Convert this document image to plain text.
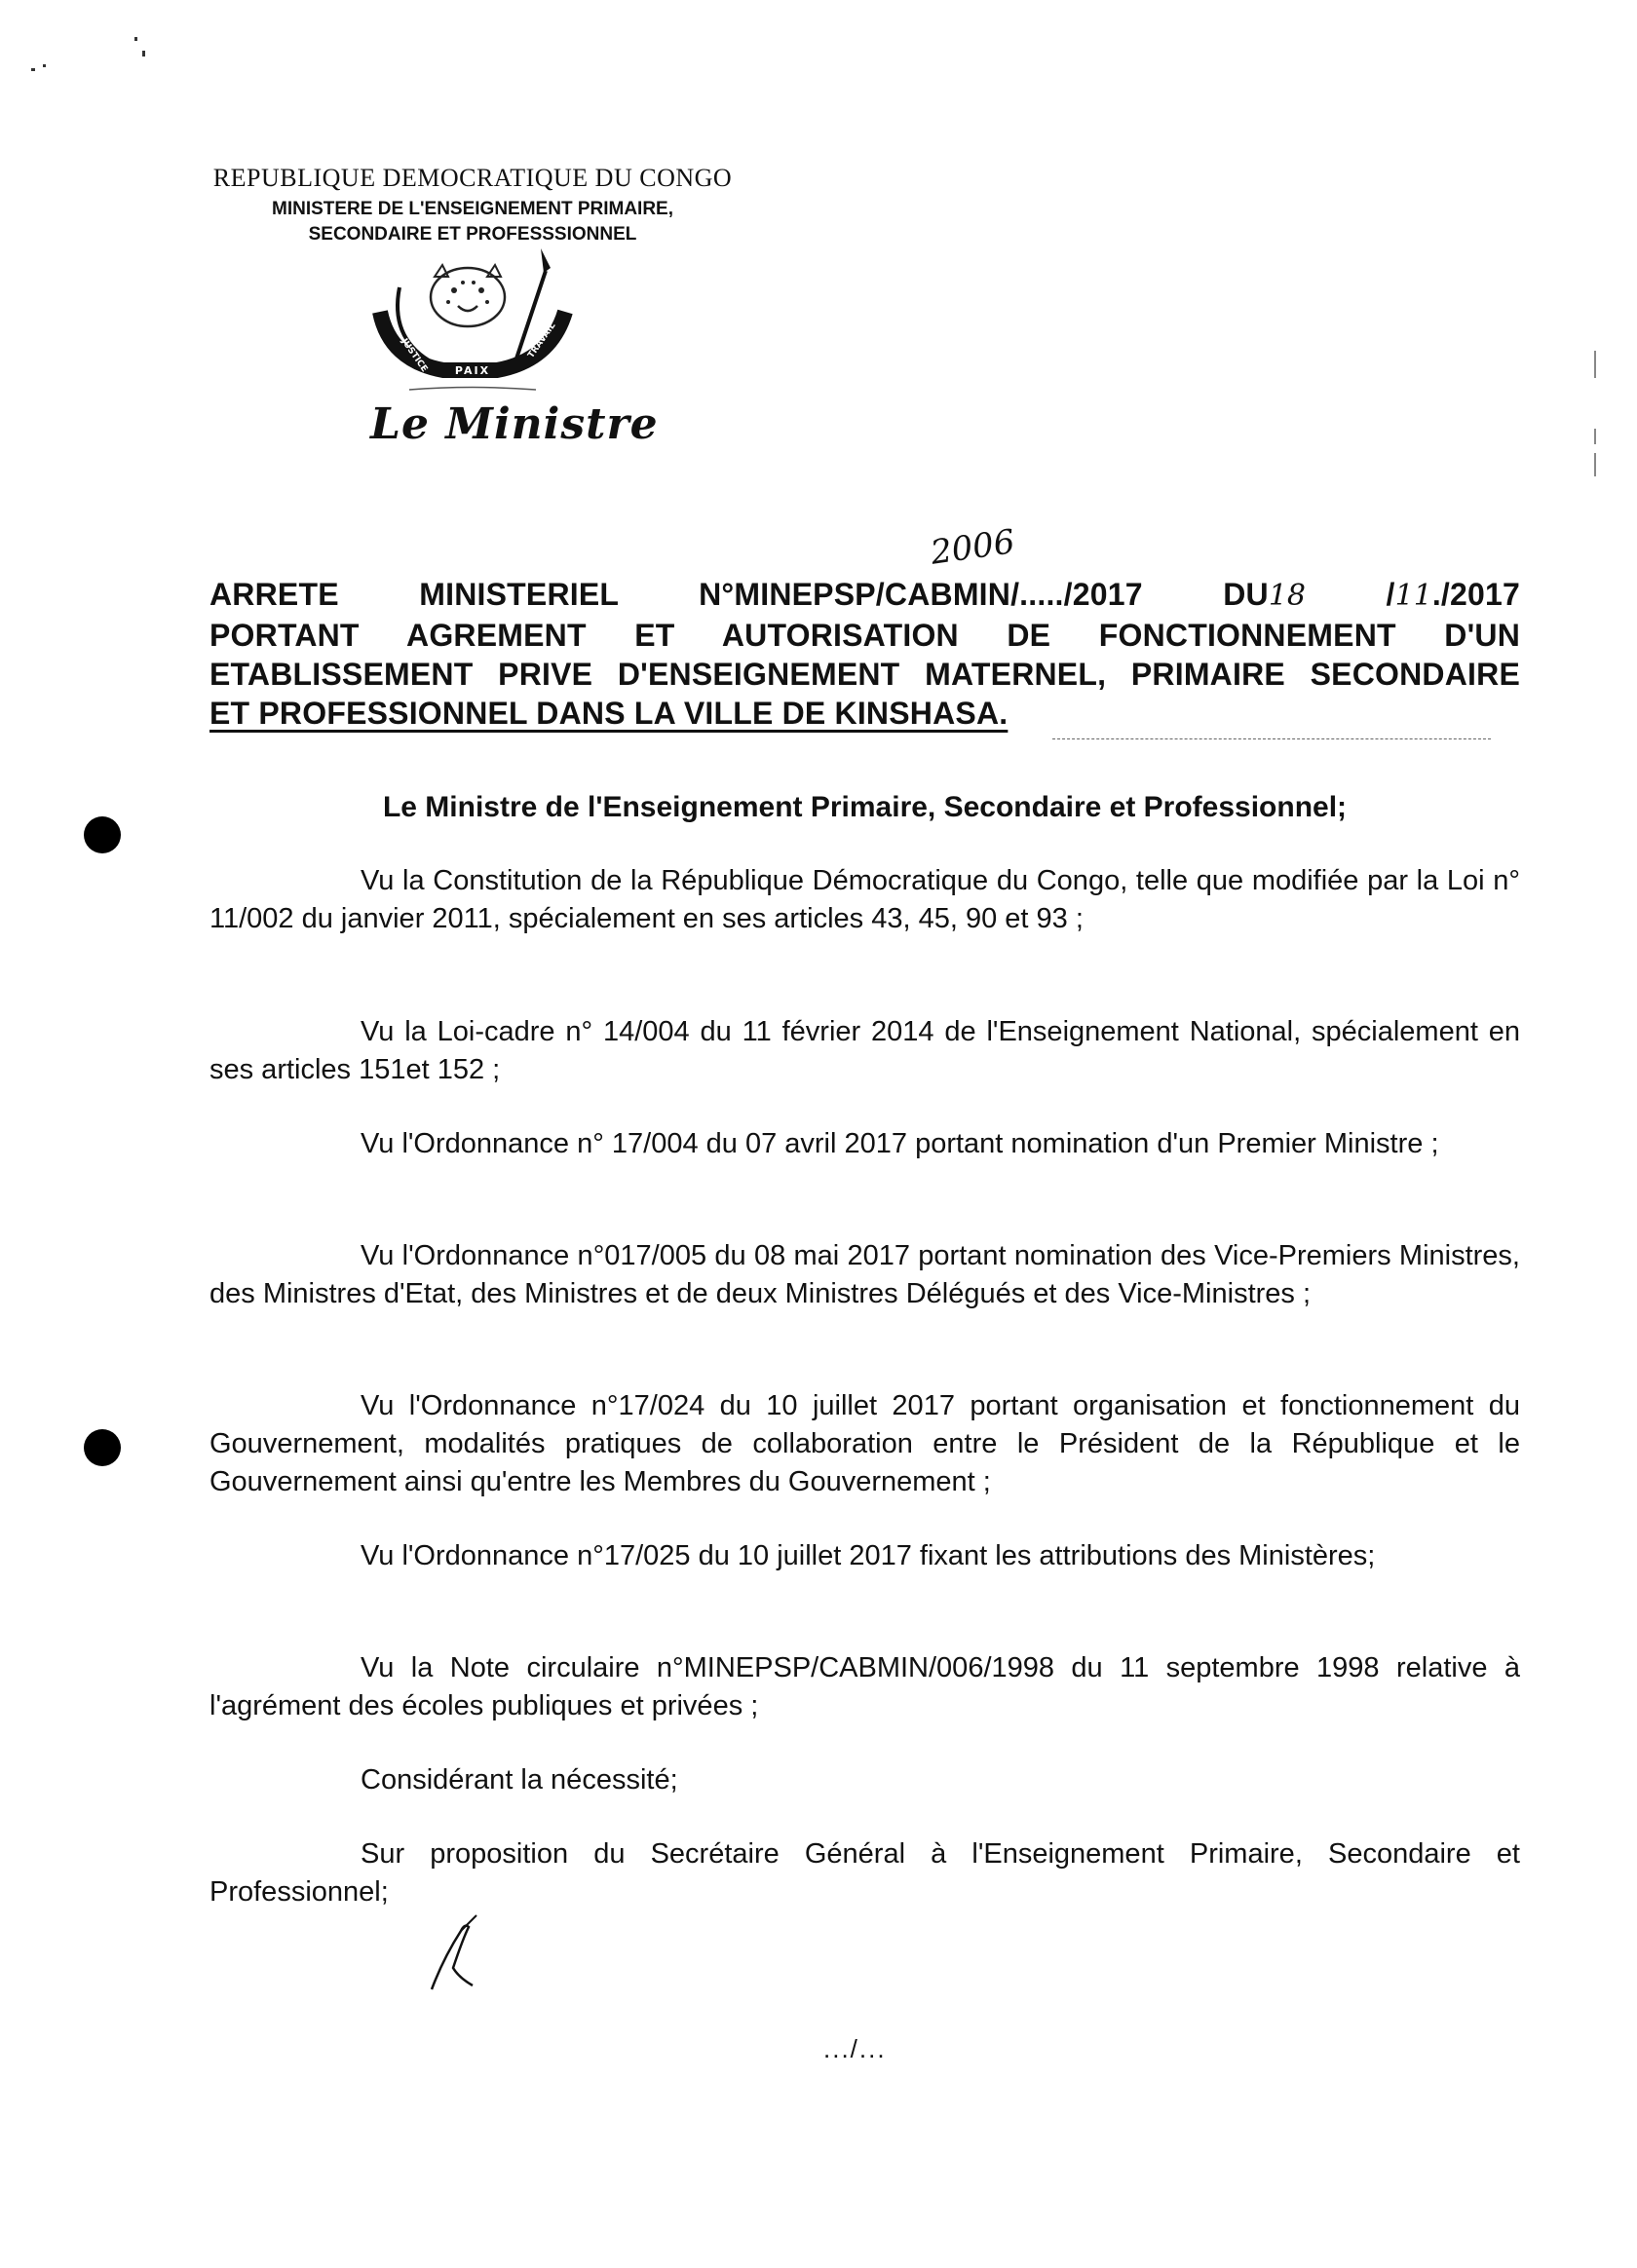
REPUBLIQUE DEMOCRATIQUE DU CONGO
MINISTERE DE L'ENSEIGNEMENT PRIMAIRE,
SECONDAIRE ET PROFESSSIONNEL
PAIX
JUSTICE	TRAVAIL
Le Ministre
2006
ARRETE MINISTERIEL N°MINEPSP/CABMIN/...../2017 DU18 /11./2017
PORTANT AGREMENT ET AUTORISATION DE FONCTIONNEMENT D'UN
ETABLISSEMENT PRIVE D'ENSEIGNEMENT MATERNEL, PRIMAIRE SECONDAIRE
ET PROFESSIONNEL DANS LA VILLE DE KINSHASA.
Le Ministre de l'Enseignement Primaire, Secondaire et Professionnel;
Vu la Constitution de la République Démocratique du Congo, telle que modifiée par la Loi n° 11/002 du janvier 2011, spécialement en ses articles 43, 45, 90 et 93 ;
Vu la Loi-cadre n° 14/004 du 11 février 2014 de l'Enseignement National, spécialement en ses articles 151et 152 ;
Vu l'Ordonnance n° 17/004 du 07 avril 2017 portant nomination d'un Premier Ministre ;
Vu l'Ordonnance n°017/005 du 08 mai 2017 portant nomination des Vice-Premiers Ministres, des Ministres d'Etat, des Ministres et de deux Ministres Délégués et des Vice-Ministres ;
Vu l'Ordonnance n°17/024 du 10 juillet 2017 portant organisation et fonctionnement du Gouvernement, modalités pratiques de collaboration entre le Président de la République et le Gouvernement ainsi qu'entre les Membres du Gouvernement ;
Vu l'Ordonnance n°17/025 du 10 juillet 2017 fixant les attributions des Ministères;
Vu la Note circulaire n°MINEPSP/CABMIN/006/1998 du 11 septembre 1998 relative à l'agrément des écoles publiques et privées ;
Considérant la nécessité;
Sur proposition du Secrétaire Général à l'Enseignement Primaire, Secondaire et Professionnel;
.../...
